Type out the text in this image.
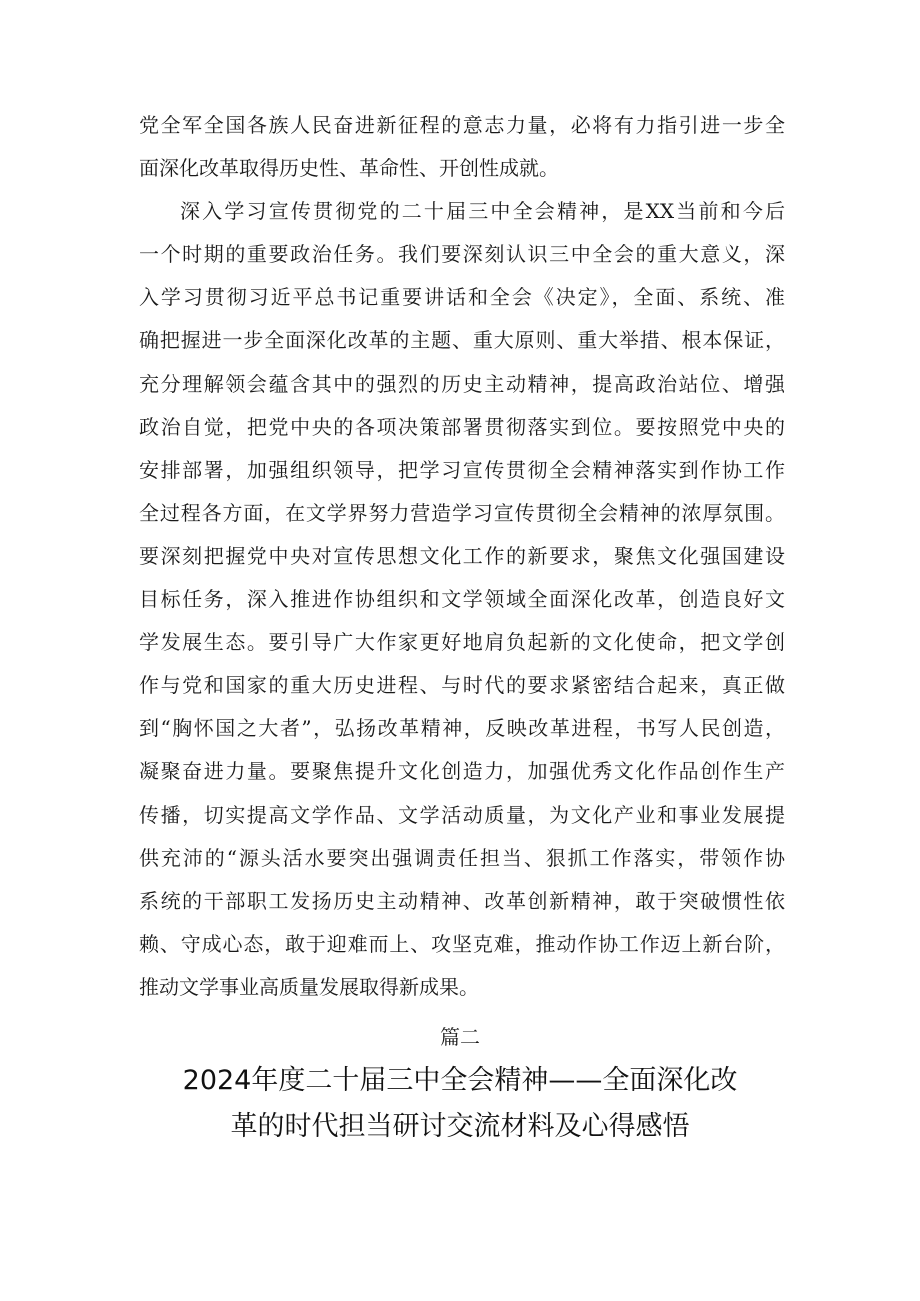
党全军全国各族人民奋进新征程的意志力量，必将有力指引进一步全
面深化改革取得历史性、革命性、开创性成就。
深入学习宣传贯彻党的二十届三中全会精神，是XX当前和今后
一个时期的重要政治任务。我们要深刻认识三中全会的重大意义，深
入学习贯彻习近平总书记重要讲话和全会《决定》，全面、系统、准
确把握进一步全面深化改革的主题、重大原则、重大举措、根本保证，
充分理解领会蕴含其中的强烈的历史主动精神，提高政治站位、增强
政治自觉，把党中央的各项决策部署贯彻落实到位。要按照党中央的
安排部署，加强组织领导，把学习宣传贯彻全会精神落实到作协工作
全过程各方面，在文学界努力营造学习宣传贯彻全会精神的浓厚氛围。
要深刻把握党中央对宣传思想文化工作的新要求，聚焦文化强国建设
目标任务，深入推进作协组织和文学领域全面深化改革，创造良好文
学发展生态。要引导广大作家更好地肩负起新的文化使命，把文学创
作与党和国家的重大历史进程、与时代的要求紧密结合起来，真正做
到“胸怀国之大者”，弘扬改革精神，反映改革进程，书写人民创造，
凝聚奋进力量。要聚焦提升文化创造力，加强优秀文化作品创作生产
传播，切实提高文学作品、文学活动质量，为文化产业和事业发展提
供充沛的“源头活水要突出强调责任担当、狠抓工作落实，带领作协
系统的干部职工发扬历史主动精神、改革创新精神，敢于突破惯性依
赖、守成心态，敢于迎难而上、攻坚克难，推动作协工作迈上新台阶，
推动文学事业高质量发展取得新成果。
篇二
2024年度二十届三中全会精神——全面深化改
革的时代担当研讨交流材料及心得感悟
